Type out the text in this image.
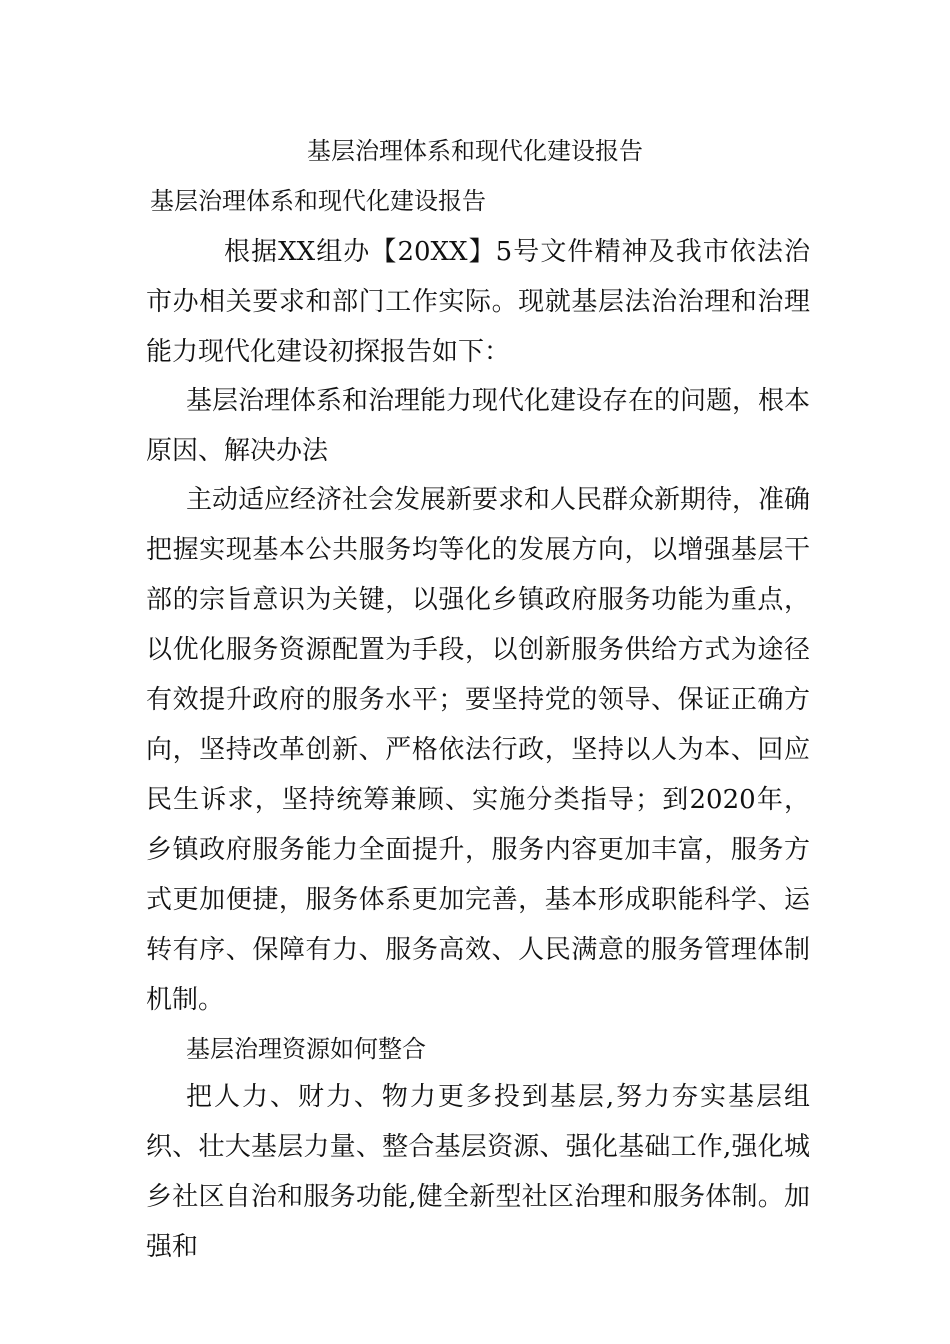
基层治理体系和现代化建设报告

基层治理体系和现代化建设报告

根据XX组办【20XX】5号文件精神及我市依法治市办相关要求和部门工作实际。现就基层法治治理和治理能力现代化建设初探报告如下：

基层治理体系和治理能力现代化建设存在的问题，根本原因、解决办法

主动适应经济社会发展新要求和人民群众新期待，准确把握实现基本公共服务均等化的发展方向，以增强基层干部的宗旨意识为关键，以强化乡镇政府服务功能为重点，以优化服务资源配置为手段，以创新服务供给方式为途径有效提升政府的服务水平；要坚持党的领导、保证正确方向，坚持改革创新、严格依法行政，坚持以人为本、回应民生诉求，坚持统筹兼顾、实施分类指导；到2020年，乡镇政府服务能力全面提升，服务内容更加丰富，服务方式更加便捷，服务体系更加完善，基本形成职能科学、运转有序、保障有力、服务高效、人民满意的服务管理体制机制。

基层治理资源如何整合

把人力、财力、物力更多投到基层,努力夯实基层组织、壮大基层力量、整合基层资源、强化基础工作,强化城乡社区自治和服务功能,健全新型社区治理和服务体制。加强和
